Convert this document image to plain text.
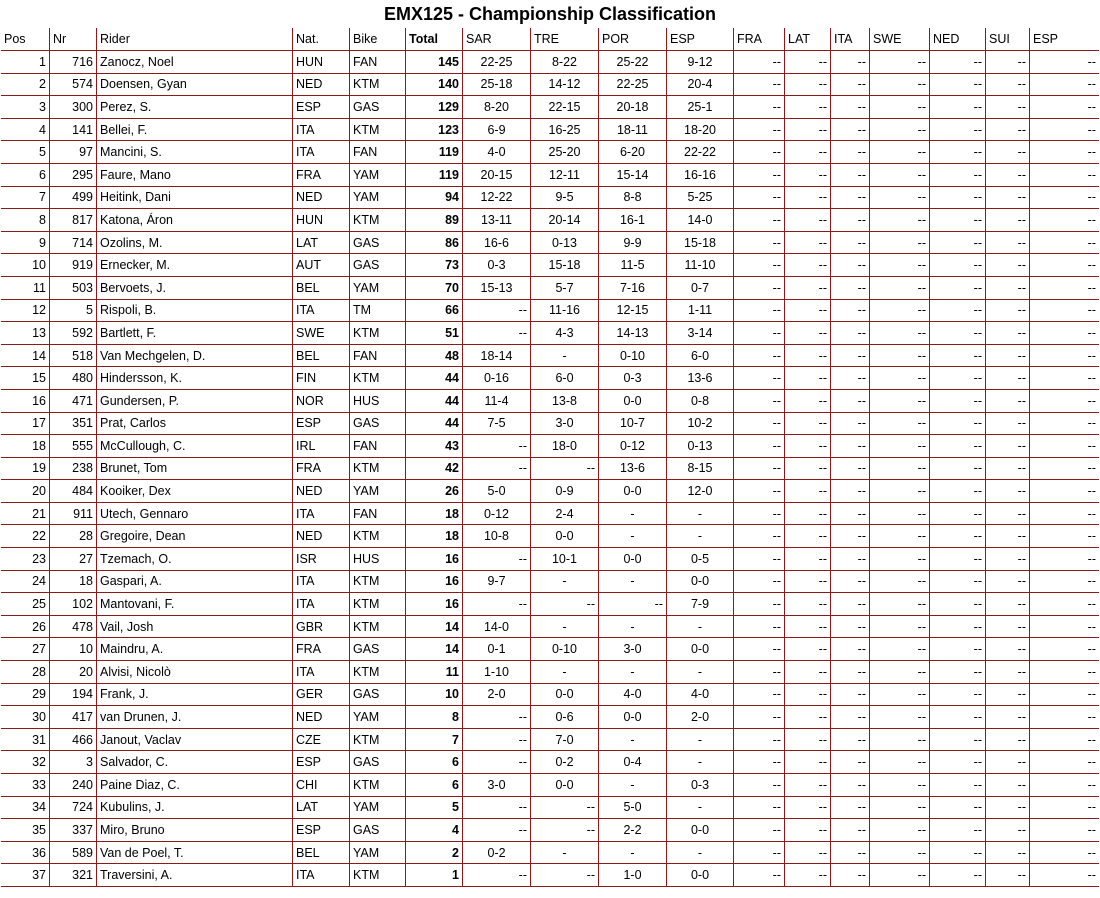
EMX125 - Championship Classification
Pos	Nr	Rider	Nat.	Bike	Total	SAR	TRE	POR	ESP	FRA	LAT	ITA	SWE	NED	SUI	ESP
1	716	Zanocz, Noel	HUN	FAN	145	22-25	8-22	25-22	9-12	--	--	--	--	--	--	--
2	574	Doensen, Gyan	NED	KTM	140	25-18	14-12	22-25	20-4	--	--	--	--	--	--	--
3	300	Perez, S.	ESP	GAS	129	8-20	22-15	20-18	25-1	--	--	--	--	--	--	--
4	141	Bellei, F.	ITA	KTM	123	6-9	16-25	18-11	18-20	--	--	--	--	--	--	--
5	97	Mancini, S.	ITA	FAN	119	4-0	25-20	6-20	22-22	--	--	--	--	--	--	--
6	295	Faure, Mano	FRA	YAM	119	20-15	12-11	15-14	16-16	--	--	--	--	--	--	--
7	499	Heitink, Dani	NED	YAM	94	12-22	9-5	8-8	5-25	--	--	--	--	--	--	--
8	817	Katona, Áron	HUN	KTM	89	13-11	20-14	16-1	14-0	--	--	--	--	--	--	--
9	714	Ozolins, M.	LAT	GAS	86	16-6	0-13	9-9	15-18	--	--	--	--	--	--	--
10	919	Ernecker, M.	AUT	GAS	73	0-3	15-18	11-5	11-10	--	--	--	--	--	--	--
11	503	Bervoets, J.	BEL	YAM	70	15-13	5-7	7-16	0-7	--	--	--	--	--	--	--
12	5	Rispoli, B.	ITA	TM	66	--	11-16	12-15	1-11	--	--	--	--	--	--	--
13	592	Bartlett, F.	SWE	KTM	51	--	4-3	14-13	3-14	--	--	--	--	--	--	--
14	518	Van Mechgelen, D.	BEL	FAN	48	18-14	-	0-10	6-0	--	--	--	--	--	--	--
15	480	Hindersson, K.	FIN	KTM	44	0-16	6-0	0-3	13-6	--	--	--	--	--	--	--
16	471	Gundersen, P.	NOR	HUS	44	11-4	13-8	0-0	0-8	--	--	--	--	--	--	--
17	351	Prat, Carlos	ESP	GAS	44	7-5	3-0	10-7	10-2	--	--	--	--	--	--	--
18	555	McCullough, C.	IRL	FAN	43	--	18-0	0-12	0-13	--	--	--	--	--	--	--
19	238	Brunet, Tom	FRA	KTM	42	--	--	13-6	8-15	--	--	--	--	--	--	--
20	484	Kooiker, Dex	NED	YAM	26	5-0	0-9	0-0	12-0	--	--	--	--	--	--	--
21	911	Utech, Gennaro	ITA	FAN	18	0-12	2-4	-	-	--	--	--	--	--	--	--
22	28	Gregoire, Dean	NED	KTM	18	10-8	0-0	-	-	--	--	--	--	--	--	--
23	27	Tzemach, O.	ISR	HUS	16	--	10-1	0-0	0-5	--	--	--	--	--	--	--
24	18	Gaspari, A.	ITA	KTM	16	9-7	-	-	0-0	--	--	--	--	--	--	--
25	102	Mantovani, F.	ITA	KTM	16	--	--	--	7-9	--	--	--	--	--	--	--
26	478	Vail, Josh	GBR	KTM	14	14-0	-	-	-	--	--	--	--	--	--	--
27	10	Maindru, A.	FRA	GAS	14	0-1	0-10	3-0	0-0	--	--	--	--	--	--	--
28	20	Alvisi, Nicolò	ITA	KTM	11	1-10	-	-	-	--	--	--	--	--	--	--
29	194	Frank, J.	GER	GAS	10	2-0	0-0	4-0	4-0	--	--	--	--	--	--	--
30	417	van Drunen, J.	NED	YAM	8	--	0-6	0-0	2-0	--	--	--	--	--	--	--
31	466	Janout, Vaclav	CZE	KTM	7	--	7-0	-	-	--	--	--	--	--	--	--
32	3	Salvador, C.	ESP	GAS	6	--	0-2	0-4	-	--	--	--	--	--	--	--
33	240	Paine Diaz, C.	CHI	KTM	6	3-0	0-0	-	0-3	--	--	--	--	--	--	--
34	724	Kubulins, J.	LAT	YAM	5	--	--	5-0	-	--	--	--	--	--	--	--
35	337	Miro, Bruno	ESP	GAS	4	--	--	2-2	0-0	--	--	--	--	--	--	--
36	589	Van de Poel, T.	BEL	YAM	2	0-2	-	-	-	--	--	--	--	--	--	--
37	321	Traversini, A.	ITA	KTM	1	--	--	1-0	0-0	--	--	--	--	--	--	--
